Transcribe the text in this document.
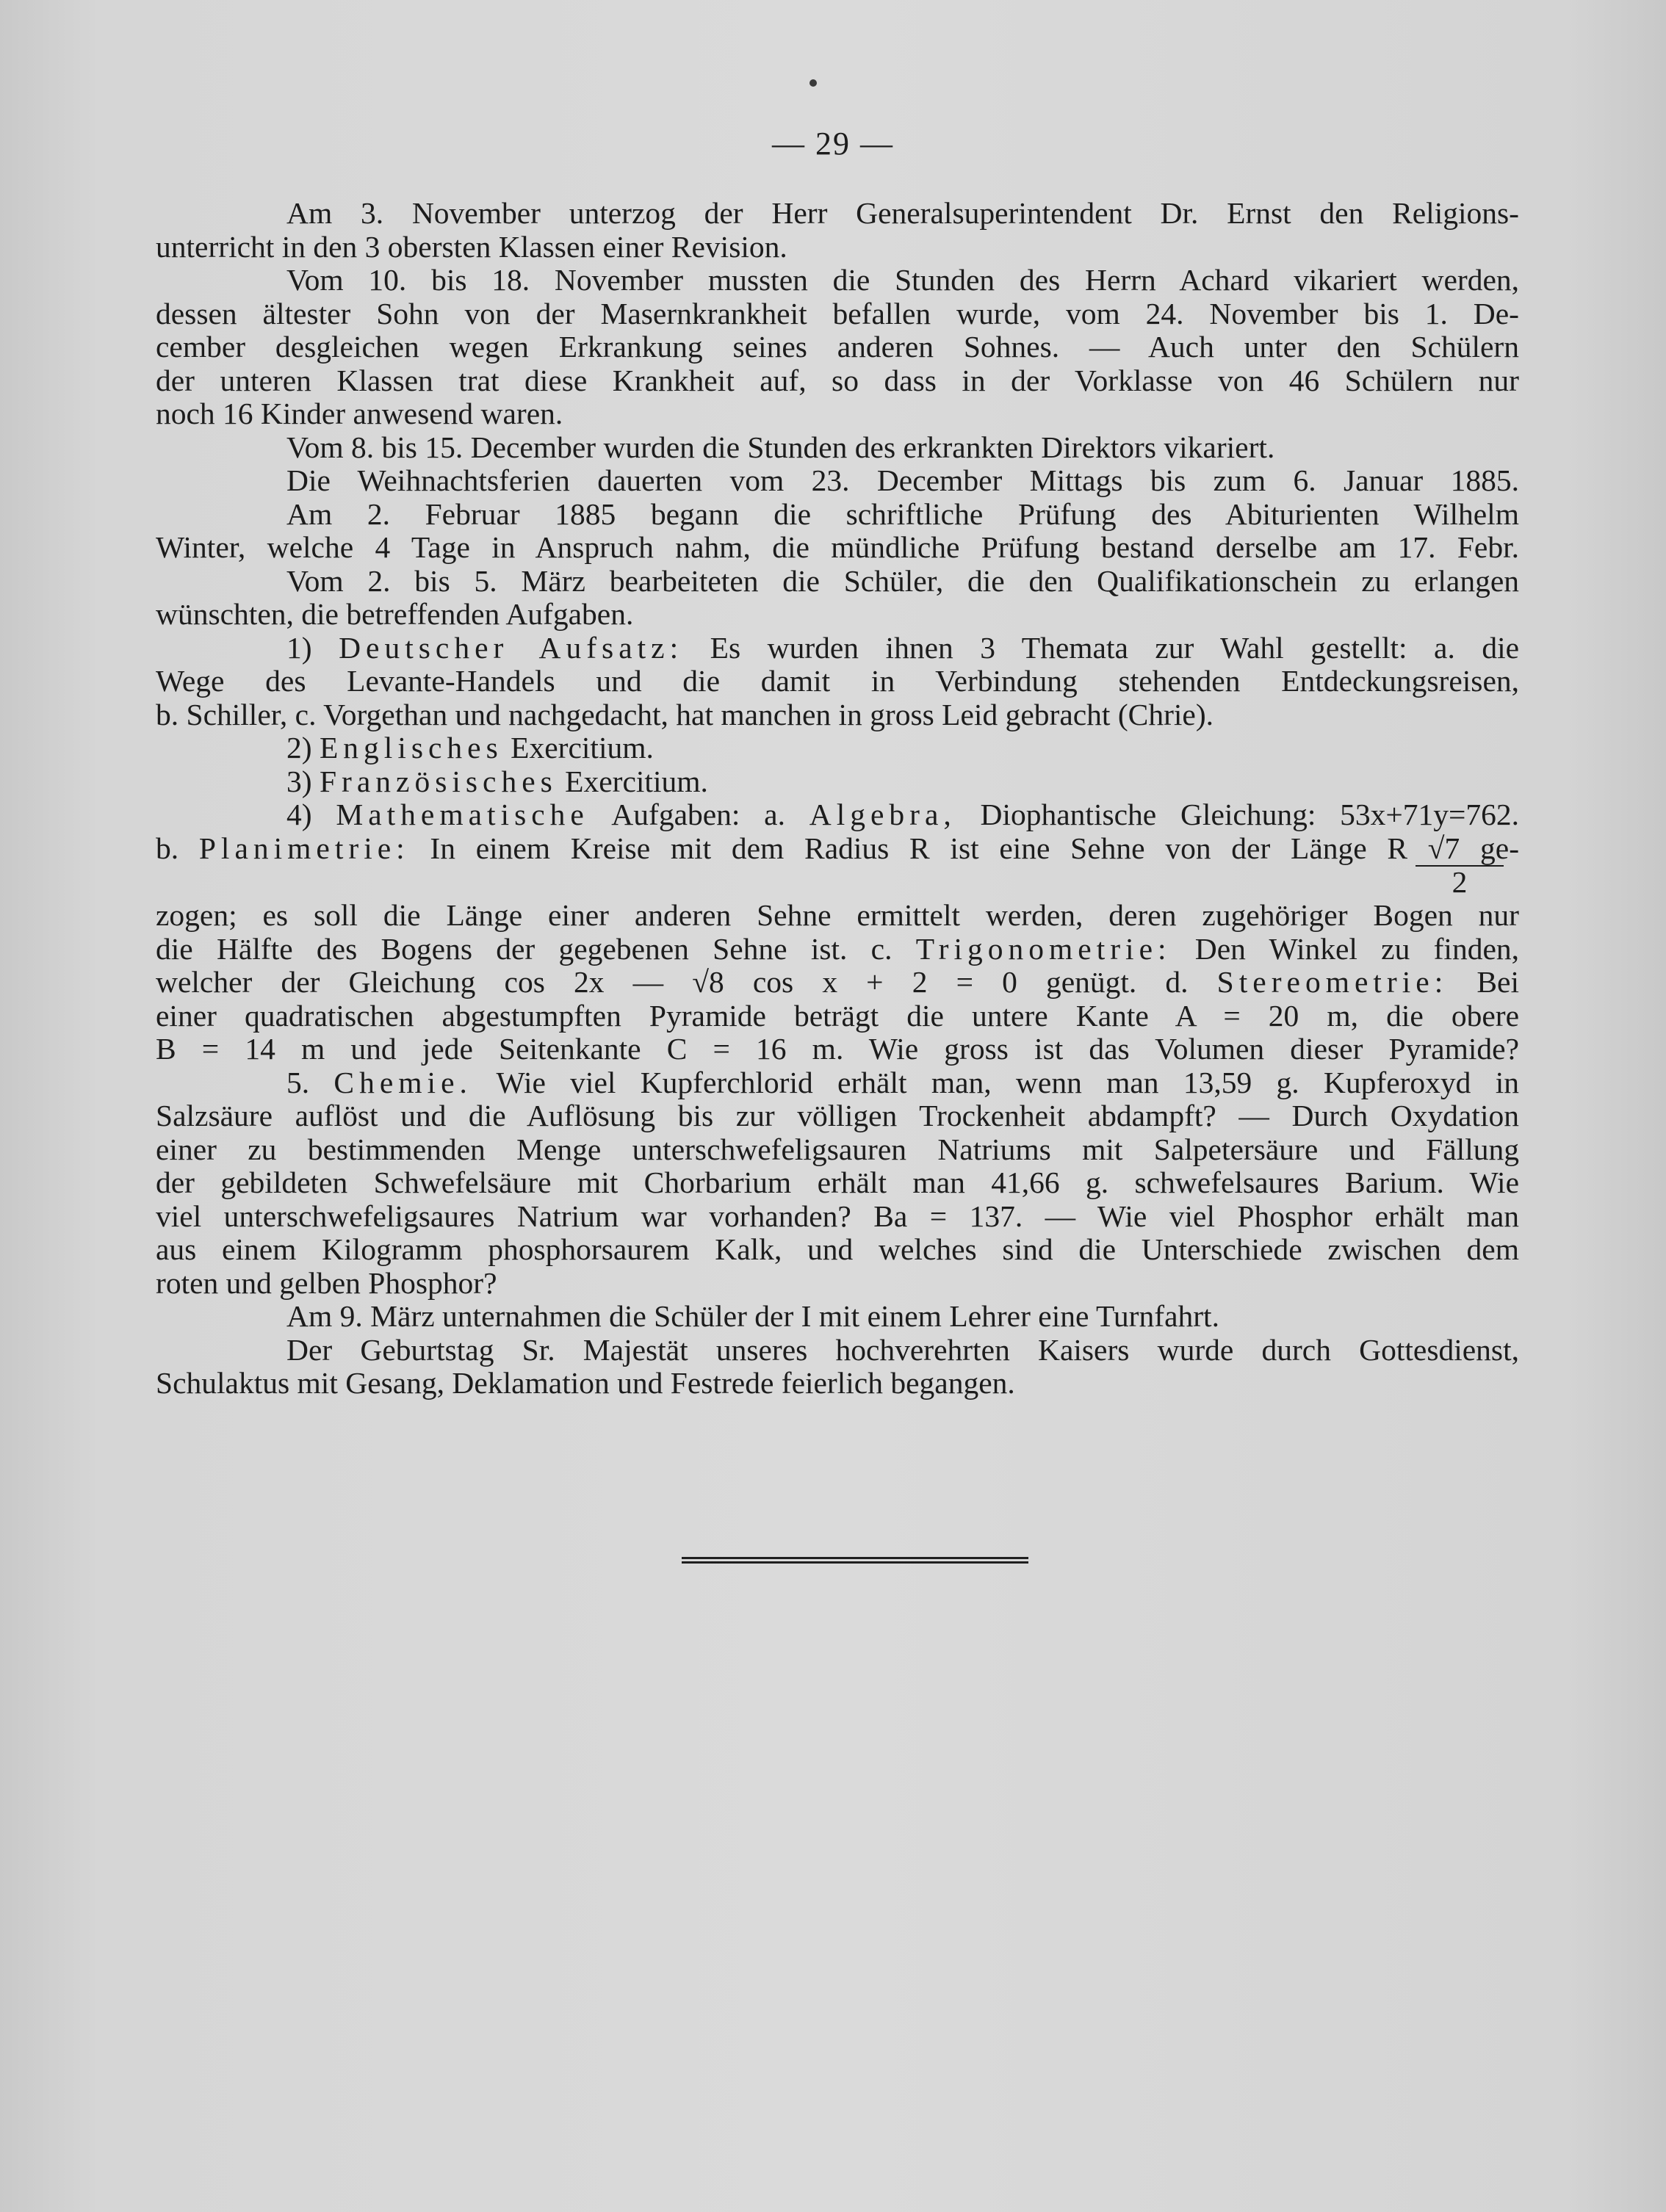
— 29 —

Am 3. November unterzog der Herr Generalsuperintendent Dr. Ernst den Religions-

unterricht in den 3 obersten Klassen einer Revision.

Vom 10. bis 18. November mussten die Stunden des Herrn Achard vikariert werden,

dessen ältester Sohn von der Masernkrankheit befallen wurde, vom 24. November bis 1. De-

cember desgleichen wegen Erkrankung seines anderen Sohnes. — Auch unter den Schülern

der unteren Klassen trat diese Krankheit auf, so dass in der Vorklasse von 46 Schülern nur

noch 16 Kinder anwesend waren.

Vom 8. bis 15. December wurden die Stunden des erkrankten Direktors vikariert.

Die Weihnachtsferien dauerten vom 23. December Mittags bis zum 6. Januar 1885.

Am 2. Februar 1885 begann die schriftliche Prüfung des Abiturienten Wilhelm

Winter, welche 4 Tage in Anspruch nahm, die mündliche Prüfung bestand derselbe am 17. Febr.

Vom 2. bis 5. März bearbeiteten die Schüler, die den Qualifikationschein zu erlangen

wünschten, die betreffenden Aufgaben.

1) Deutscher Aufsatz: Es wurden ihnen 3 Themata zur Wahl gestellt: a. die

Wege des Levante-Handels und die damit in Verbindung stehenden Entdeckungsreisen,

b. Schiller, c. Vorgethan und nachgedacht, hat manchen in gross Leid gebracht (Chrie).

2) Englisches Exercitium.

3) Französisches Exercitium.

4) Mathematische Aufgaben: a. Algebra, Diophantische Gleichung: 53x+71y=762.

b. Planimetrie: In einem Kreise mit dem Radius R ist eine Sehne von der Länge R √7 ge-

2

zogen; es soll die Länge einer anderen Sehne ermittelt werden, deren zugehöriger Bogen nur

die Hälfte des Bogens der gegebenen Sehne ist. c. Trigonometrie: Den Winkel zu finden,

welcher der Gleichung cos 2x — √8 cos x + 2 = 0 genügt. d. Stereometrie: Bei

einer quadratischen abgestumpften Pyramide beträgt die untere Kante A = 20 m, die obere

B = 14 m und jede Seitenkante C = 16 m. Wie gross ist das Volumen dieser Pyramide?

5. Chemie. Wie viel Kupferchlorid erhält man, wenn man 13,59 g. Kupferoxyd in

Salzsäure auflöst und die Auflösung bis zur völligen Trockenheit abdampft? — Durch Oxydation

einer zu bestimmenden Menge unterschwefeligsauren Natriums mit Salpetersäure und Fällung

der gebildeten Schwefelsäure mit Chorbarium erhält man 41,66 g. schwefelsaures Barium. Wie

viel unterschwefeligsaures Natrium war vorhanden? Ba = 137. — Wie viel Phosphor erhält man

aus einem Kilogramm phosphorsaurem Kalk, und welches sind die Unterschiede zwischen dem

roten und gelben Phosphor?

Am 9. März unternahmen die Schüler der I mit einem Lehrer eine Turnfahrt.

Der Geburtstag Sr. Majestät unseres hochverehrten Kaisers wurde durch Gottesdienst,

Schulaktus mit Gesang, Deklamation und Festrede feierlich begangen.
